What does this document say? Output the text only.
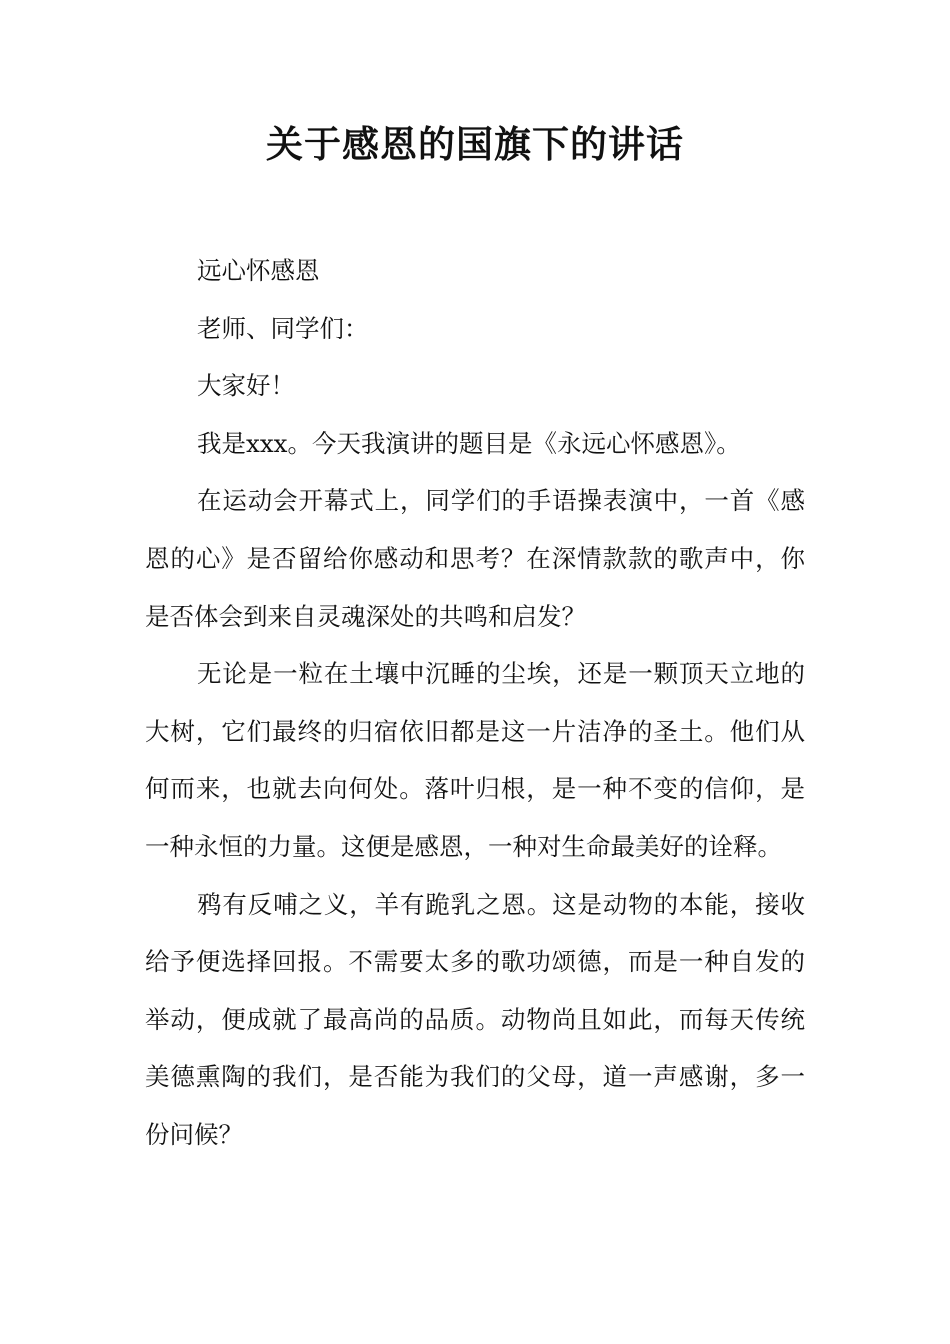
关于感恩的国旗下的讲话

远心怀感恩

老师、同学们：

大家好！

我是xxx。今天我演讲的题目是《永远心怀感恩》。

在运动会开幕式上，同学们的手语操表演中，一首《感恩的心》是否留给你感动和思考？在深情款款的歌声中，你是否体会到来自灵魂深处的共鸣和启发？

无论是一粒在土壤中沉睡的尘埃，还是一颗顶天立地的大树，它们最终的归宿依旧都是这一片洁净的圣土。他们从何而来，也就去向何处。落叶归根，是一种不变的信仰，是一种永恒的力量。这便是感恩，一种对生命最美好的诠释。

鸦有反哺之义，羊有跪乳之恩。这是动物的本能，接收给予便选择回报。不需要太多的歌功颂德，而是一种自发的举动，便成就了最高尚的品质。动物尚且如此，而每天传统美德熏陶的我们，是否能为我们的父母，道一声感谢，多一份问候？
